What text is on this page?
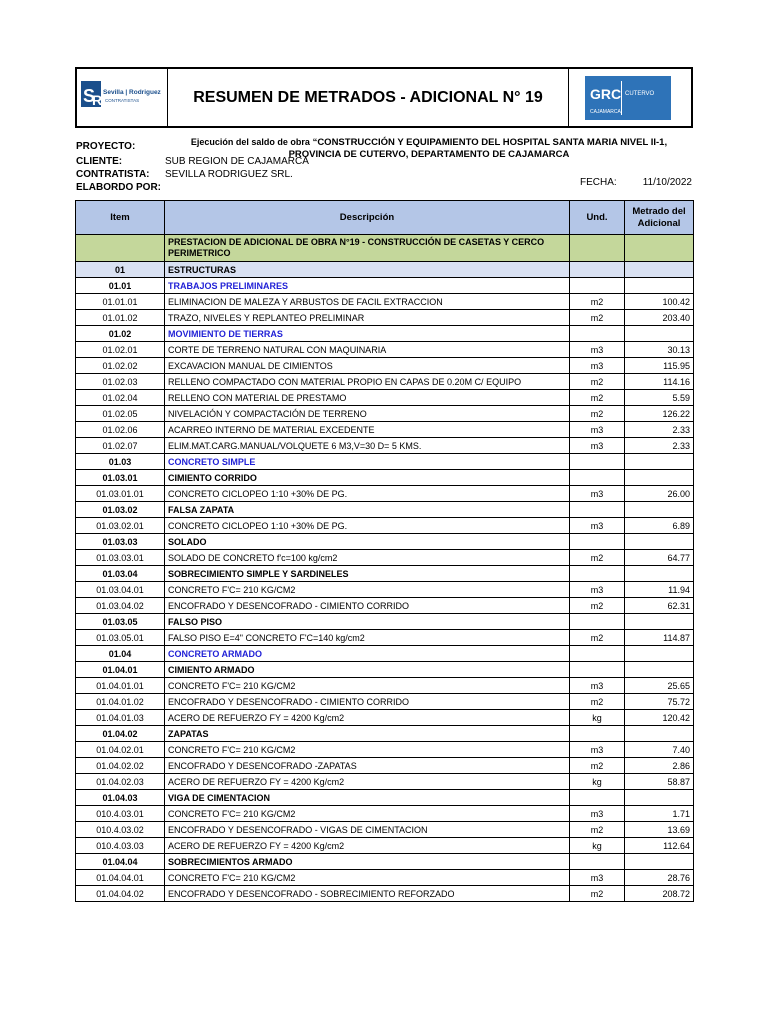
S
R Sevilla | Rodriguez
CONTRATISTAS	RESUMEN DE METRADOS - ADICIONAL N° 19	GRC CUTERVO
CAJAMARCA
Ejecución del saldo de obra “CONSTRUCCIÓN Y EQUIPAMIENTO DEL HOSPITAL SANTA MARIA NIVEL II-1,
PROVINCIA DE CUTERVO, DEPARTAMENTO DE CAJAMARCA
PROYECTO:
CLIENTE:	SUB REGION DE CAJAMARCA
CONTRATISTA: SEVILLA RODRIGUEZ SRL.
ELABORDO POR:	FECHA:	11/10/2022
Item	Descripción	Und.	Metrado del Adicional
	PRESTACION DE ADICIONAL DE OBRA N°19 - CONSTRUCCIÓN DE CASETAS Y CERCO PERIMETRICO		
01	ESTRUCTURAS		
01.01	TRABAJOS PRELIMINARES		
01.01.01	ELIMINACION DE MALEZA Y ARBUSTOS DE FACIL EXTRACCION	m2	100.42
01.01.02	TRAZO, NIVELES Y REPLANTEO PRELIMINAR	m2	203.40
01.02	MOVIMIENTO DE TIERRAS		
01.02.01	CORTE DE TERRENO NATURAL CON MAQUINARIA	m3	30.13
01.02.02	EXCAVACION MANUAL DE CIMIENTOS	m3	115.95
01.02.03	RELLENO COMPACTADO CON MATERIAL PROPIO EN CAPAS DE 0.20M C/ EQUIPO	m2	114.16
01.02.04	RELLENO CON MATERIAL DE PRESTAMO	m2	5.59
01.02.05	NIVELACIÓN Y COMPACTACIÓN DE TERRENO	m2	126.22
01.02.06	ACARREO INTERNO DE MATERIAL EXCEDENTE	m3	2.33
01.02.07	ELIM.MAT.CARG.MANUAL/VOLQUETE 6 M3,V=30 D= 5 KMS.	m3	2.33
01.03	CONCRETO SIMPLE		
01.03.01	CIMIENTO CORRIDO		
01.03.01.01	CONCRETO CICLOPEO 1:10 +30% DE PG.	m3	26.00
01.03.02	FALSA ZAPATA		
01.03.02.01	CONCRETO CICLOPEO 1:10 +30% DE PG.	m3	6.89
01.03.03	SOLADO		
01.03.03.01	SOLADO DE CONCRETO f'c=100 kg/cm2	m2	64.77
01.03.04	SOBRECIMIENTO SIMPLE Y SARDINELES		
01.03.04.01	CONCRETO F'C= 210 KG/CM2	m3	11.94
01.03.04.02	ENCOFRADO Y DESENCOFRADO - CIMIENTO CORRIDO	m2	62.31
01.03.05	FALSO PISO		
01.03.05.01	FALSO PISO E=4" CONCRETO F'C=140 kg/cm2	m2	114.87
01.04	CONCRETO ARMADO		
01.04.01	CIMIENTO ARMADO		
01.04.01.01	CONCRETO F'C= 210 KG/CM2	m3	25.65
01.04.01.02	ENCOFRADO Y DESENCOFRADO - CIMIENTO CORRIDO	m2	75.72
01.04.01.03	ACERO DE REFUERZO FY = 4200 Kg/cm2	kg	120.42
01.04.02	ZAPATAS		
01.04.02.01	CONCRETO F'C= 210 KG/CM2	m3	7.40
01.04.02.02	ENCOFRADO Y DESENCOFRADO -ZAPATAS	m2	2.86
01.04.02.03	ACERO DE REFUERZO FY = 4200 Kg/cm2	kg	58.87
01.04.03	VIGA DE CIMENTACION		
010.4.03.01	CONCRETO F'C= 210 KG/CM2	m3	1.71
010.4.03.02	ENCOFRADO Y DESENCOFRADO - VIGAS DE CIMENTACION	m2	13.69
010.4.03.03	ACERO DE REFUERZO FY = 4200 Kg/cm2	kg	112.64
01.04.04	SOBRECIMIENTOS ARMADO		
01.04.04.01	CONCRETO F'C= 210 KG/CM2	m3	28.76
01.04.04.02	ENCOFRADO Y DESENCOFRADO - SOBRECIMIENTO REFORZADO	m2	208.72
